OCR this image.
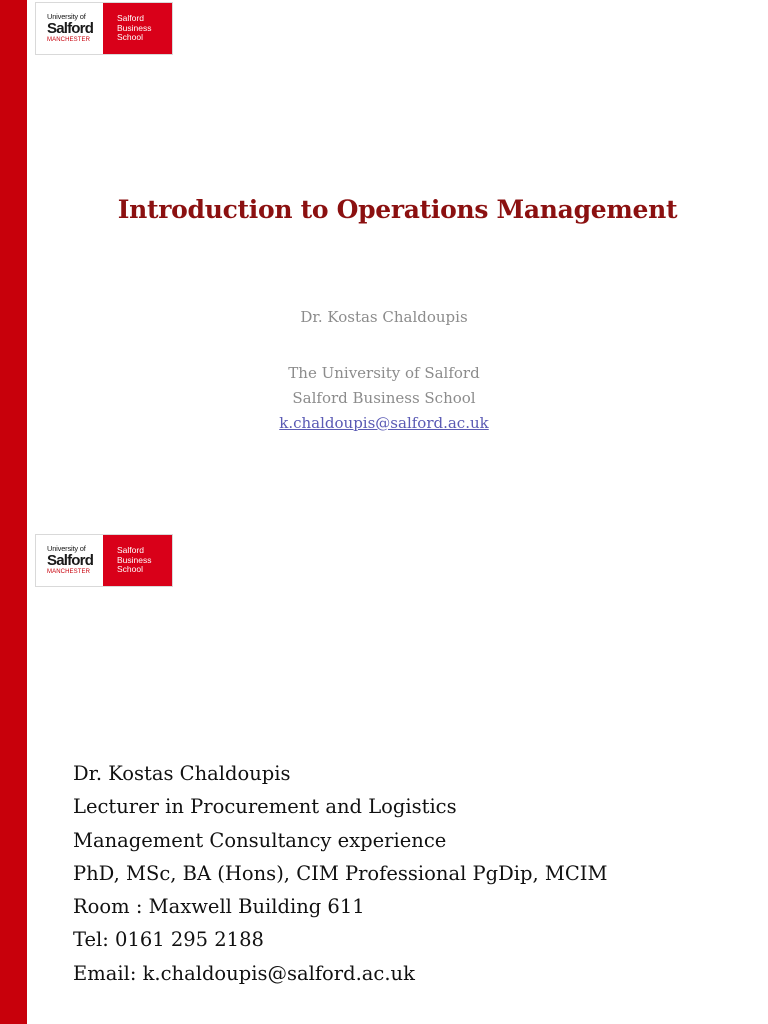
University of
Salford
MANCHESTER
Salford
Business
School
Introduction to Operations Management
Dr. Kostas Chaldoupis
The University of Salford
Salford Business School
k.chaldoupis@salford.ac.uk
University of
Salford
MANCHESTER
Salford
Business
School
Dr. Kostas Chaldoupis
Lecturer in Procurement and Logistics
Management Consultancy experience
PhD, MSc, BA (Hons), CIM Professional PgDip, MCIM
Room : Maxwell Building 611
Tel: 0161 295 2188
Email: k.chaldoupis@salford.ac.uk
